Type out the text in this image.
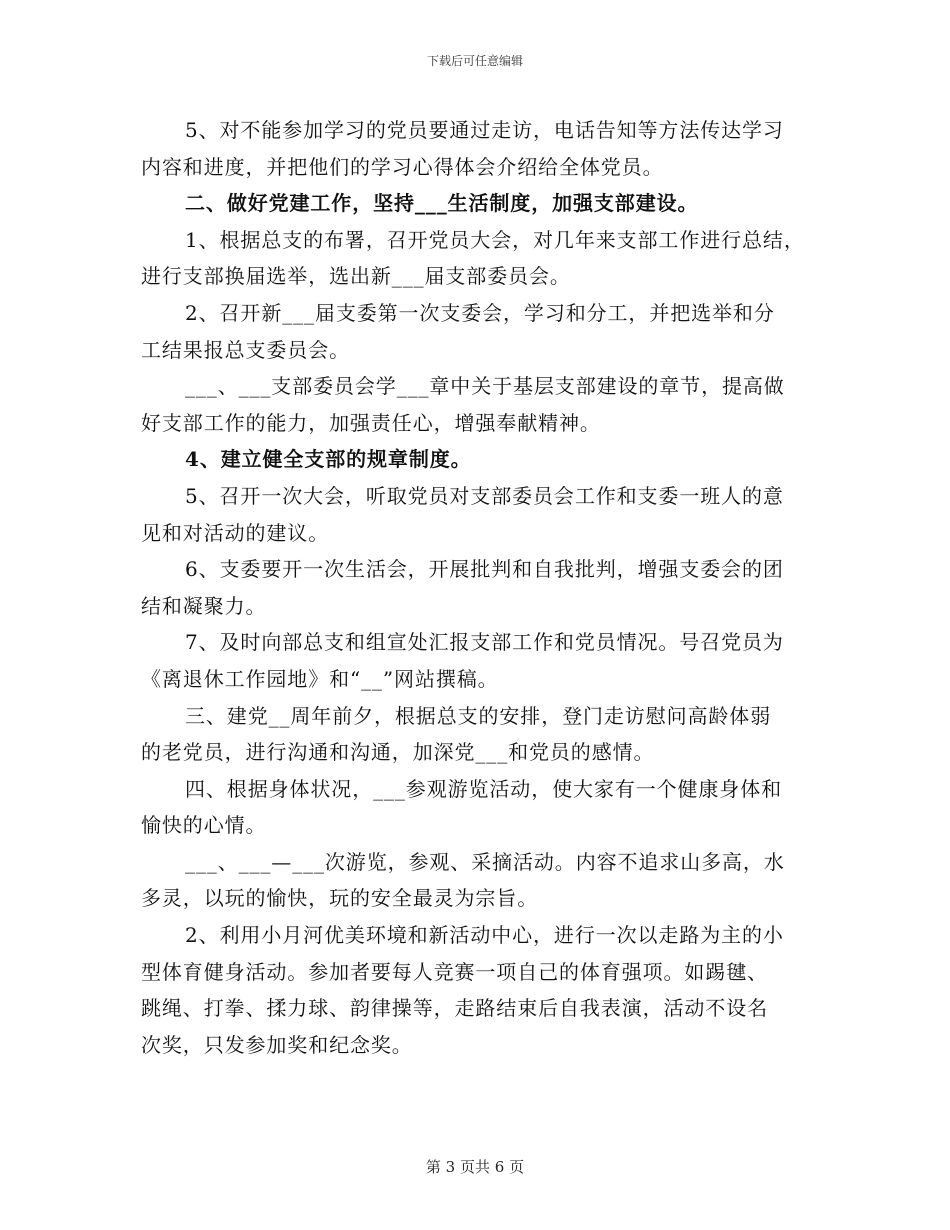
下载后可任意编辑
5、对不能参加学习的党员要通过走访，电话告知等方法传达学习
内容和进度，并把他们的学习心得体会介绍给全体党员。
二、做好党建工作，坚持___生活制度，加强支部建设。
1、根据总支的布署，召开党员大会，对几年来支部工作进行总结，
进行支部换届选举，选出新___届支部委员会。
2、召开新___届支委第一次支委会，学习和分工，并把选举和分
工结果报总支委员会。
___、___支部委员会学___章中关于基层支部建设的章节，提高做
好支部工作的能力，加强责任心，增强奉献精神。
4、建立健全支部的规章制度。
5、召开一次大会，听取党员对支部委员会工作和支委一班人的意
见和对活动的建议。
6、支委要开一次生活会，开展批判和自我批判，增强支委会的团
结和凝聚力。
7、及时向部总支和组宣处汇报支部工作和党员情况。号召党员为
《离退休工作园地》和“__”网站撰稿。
三、建党__周年前夕，根据总支的安排，登门走访慰问高龄体弱
的老党员，进行沟通和沟通，加深党___和党员的感情。
四、根据身体状况，___参观游览活动，使大家有一个健康身体和
愉快的心情。
___、___—___次游览，参观、采摘活动。内容不追求山多高，水
多灵，以玩的愉快，玩的安全最灵为宗旨。
2、利用小月河优美环境和新活动中心，进行一次以走路为主的小
型体育健身活动。参加者要每人竞赛一项自己的体育强项。如踢毽、
跳绳、打拳、揉力球、韵律操等，走路结束后自我表演，活动不设名
次奖，只发参加奖和纪念奖。
第 3 页共 6 页
